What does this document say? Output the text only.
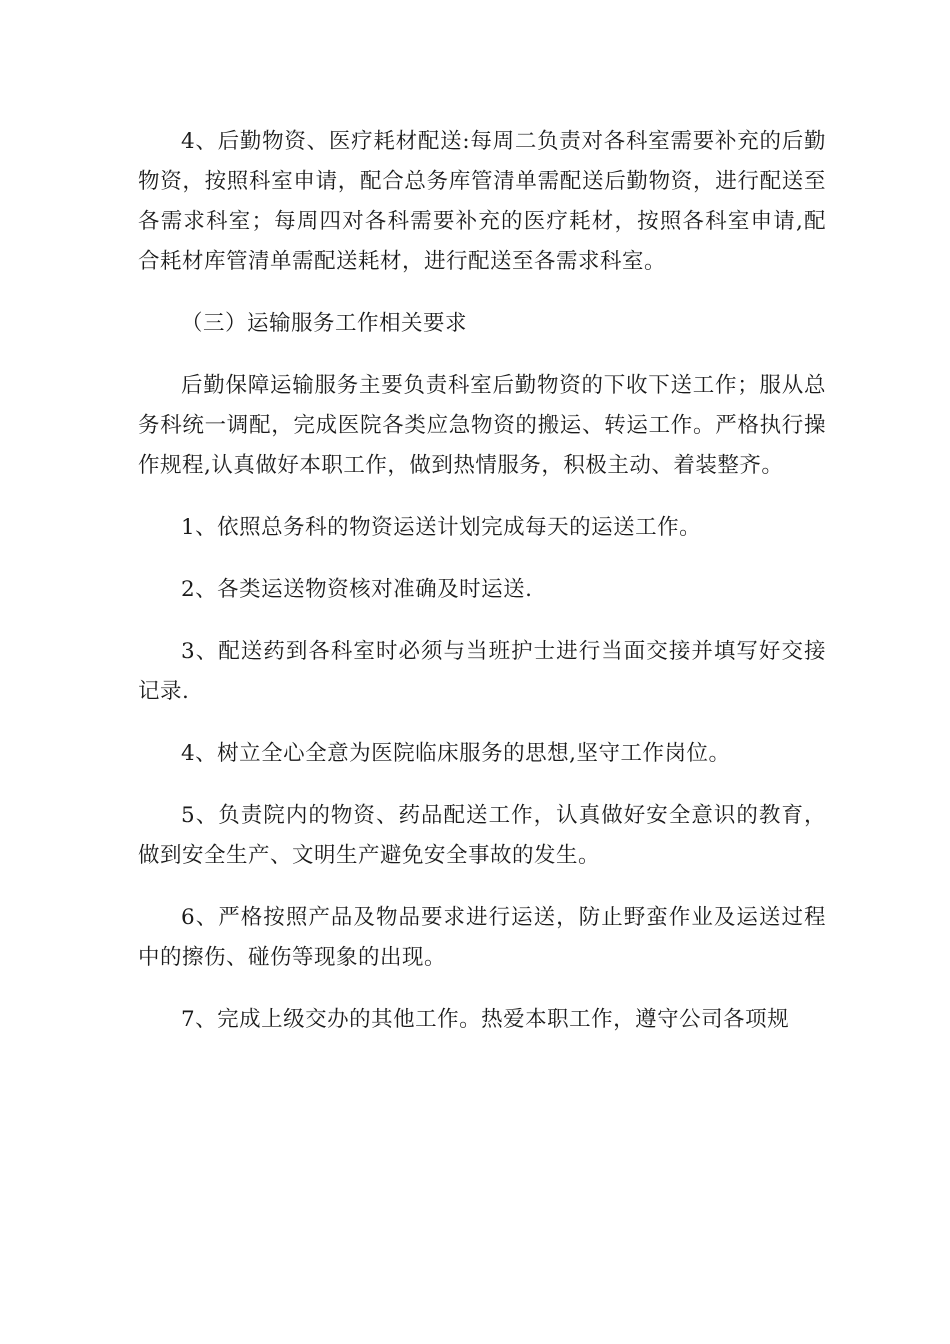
4、后勤物资、医疗耗材配送:每周二负责对各科室需要补充的后勤物资，按照科室申请，配合总务库管清单需配送后勤物资，进行配送至各需求科室；每周四对各科需要补充的医疗耗材，按照各科室申请,配合耗材库管清单需配送耗材，进行配送至各需求科室。

（三）运输服务工作相关要求

后勤保障运输服务主要负责科室后勤物资的下收下送工作；服从总务科统一调配，完成医院各类应急物资的搬运、转运工作。严格执行操作规程,认真做好本职工作，做到热情服务，积极主动、着装整齐。

1、依照总务科的物资运送计划完成每天的运送工作。

2、各类运送物资核对准确及时运送.

3、配送药到各科室时必须与当班护士进行当面交接并填写好交接记录.

4、树立全心全意为医院临床服务的思想,坚守工作岗位。

5、负责院内的物资、药品配送工作，认真做好安全意识的教育，做到安全生产、文明生产避免安全事故的发生。

6、严格按照产品及物品要求进行运送，防止野蛮作业及运送过程中的擦伤、碰伤等现象的出现。

7、完成上级交办的其他工作。热爱本职工作，遵守公司各项规
